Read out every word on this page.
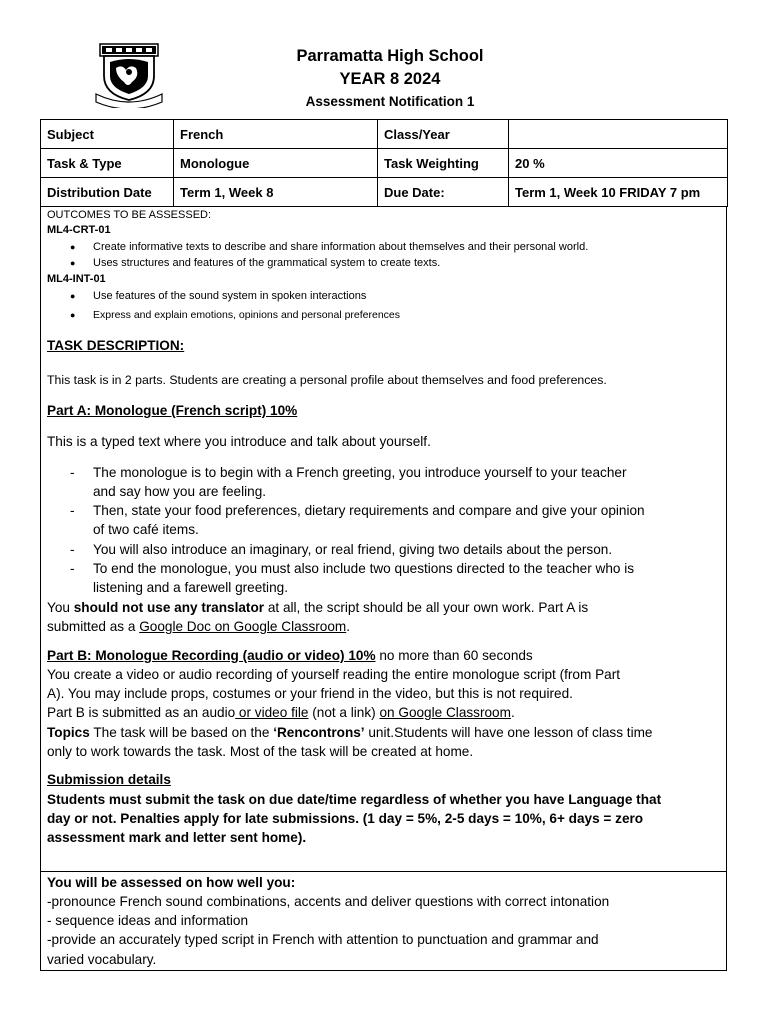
Parramatta High School
YEAR 8 2024
Assessment Notification 1
Subject	French	Class/Year	
Task & Type	Monologue	Task Weighting	20 %
Distribution Date	Term 1, Week 8	Due Date:	Term 1, Week 10 FRIDAY 7 pm
OUTCOMES TO BE ASSESSED:
ML4-CRT-01
● Create informative texts to describe and share information about themselves and their personal world.
● Uses structures and features of the grammatical system to create texts.
ML4-INT-01
● Use features of the sound system in spoken interactions
● Express and explain emotions, opinions and personal preferences
TASK DESCRIPTION:
This task is in 2 parts. Students are creating a personal profile about themselves and food preferences.
Part A: Monologue (French script) 10%
This is a typed text where you introduce and talk about yourself.
- The monologue is to begin with a French greeting, you introduce yourself to your teacher
and say how you are feeling.
- Then, state your food preferences, dietary requirements and compare and give your opinion
of two café items.
- You will also introduce an imaginary, or real friend, giving two details about the person.
- To end the monologue, you must also include two questions directed to the teacher who is
listening and a farewell greeting.
You should not use any translator at all, the script should be all your own work. Part A is
submitted as a Google Doc on Google Classroom.
Part B: Monologue Recording (audio or video) 10% no more than 60 seconds
You create a video or audio recording of yourself reading the entire monologue script (from Part
A). You may include props, costumes or your friend in the video, but this is not required.
Part B is submitted as an audio or video file (not a link) on Google Classroom.
Topics The task will be based on the ‘Rencontrons’ unit.Students will have one lesson of class time
only to work towards the task. Most of the task will be created at home.
Submission details
Students must submit the task on due date/time regardless of whether you have Language that
day or not. Penalties apply for late submissions. (1 day = 5%, 2-5 days = 10%, 6+ days = zero
assessment mark and letter sent home).
You will be assessed on how well you:
-pronounce French sound combinations, accents and deliver questions with correct intonation
- sequence ideas and information
-provide an accurately typed script in French with attention to punctuation and grammar and
varied vocabulary.
